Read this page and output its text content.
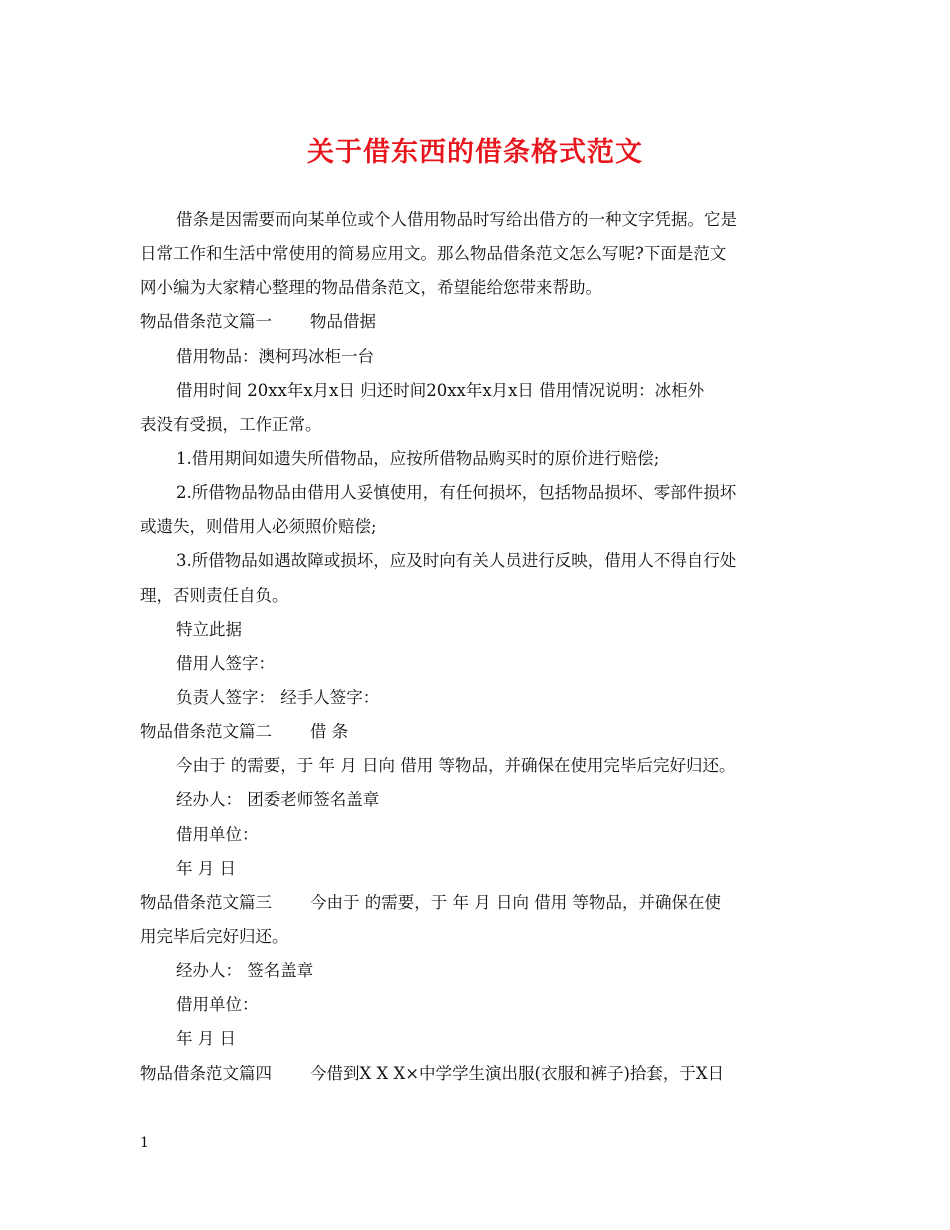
关于借东西的借条格式范文
借条是因需要而向某单位或个人借用物品时写给出借方的一种文字凭据。它是
日常工作和生活中常使用的简易应用文。那么物品借条范文怎么写呢?下面是范文
网小编为大家精心整理的物品借条范文，希望能给您带来帮助。
物品借条范文篇一 物品借据
借用物品：澳柯玛冰柜一台
借用时间 20xx年x月x日 归还时间20xx年x月x日 借用情况说明：冰柜外
表没有受损，工作正常。
1.借用期间如遗失所借物品，应按所借物品购买时的原价进行赔偿;
2.所借物品物品由借用人妥慎使用，有任何损坏，包括物品损坏、零部件损坏
或遗失，则借用人必须照价赔偿;
3.所借物品如遇故障或损坏，应及时向有关人员进行反映，借用人不得自行处
理，否则责任自负。
特立此据
借用人签字：
负责人签字： 经手人签字：
物品借条范文篇二 借 条
今由于 的需要，于 年 月 日向 借用 等物品，并确保在使用完毕后完好归还。
经办人： 团委老师签名盖章
借用单位：
年 月 日
物品借条范文篇三 今由于 的需要，于 年 月 日向 借用 等物品，并确保在使
用完毕后完好归还。
经办人： 签名盖章
借用单位：
年 月 日
物品借条范文篇四 今借到X X X×中学学生演出服(衣服和裤子)拾套，于X日
1
